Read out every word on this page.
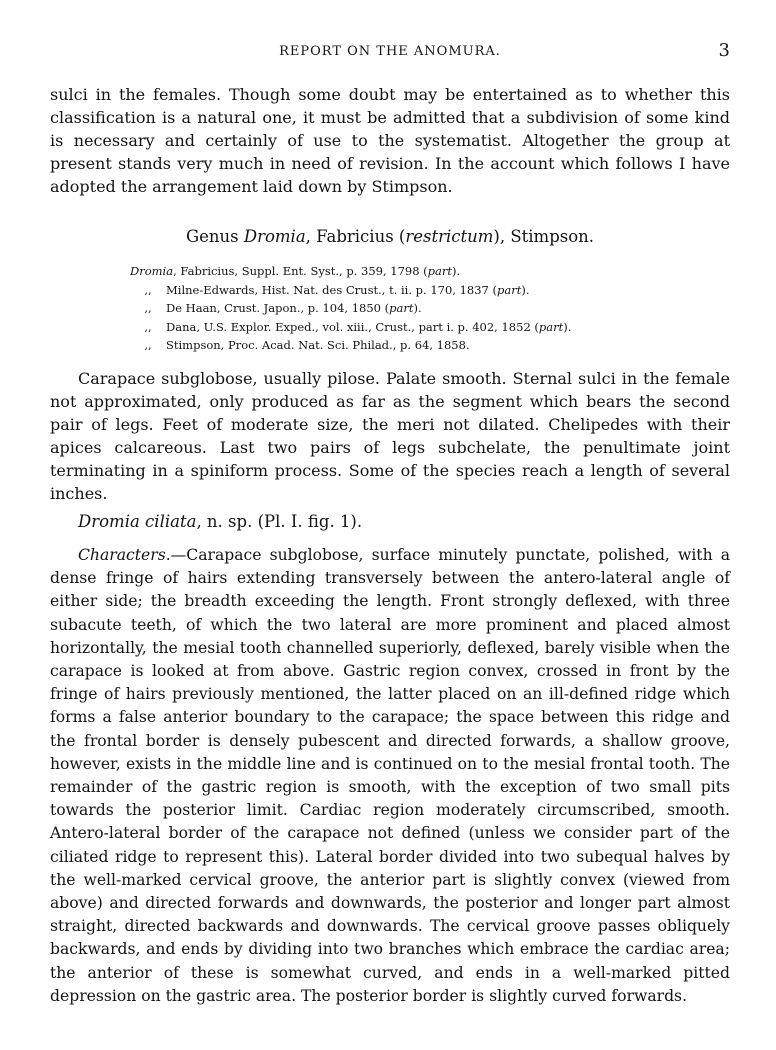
REPORT ON THE ANOMURA.	3

sulci in the females. Though some doubt may be entertained as to whether this classification is a natural one, it must be admitted that a subdivision of some kind is necessary and certainly of use to the systematist. Altogether the group at present stands very much in need of revision. In the account which follows I have adopted the arrangement laid down by Stimpson.

Genus Dromia, Fabricius (restrictum), Stimpson.
Dromia, Fabricius, Suppl. Ent. Syst., p. 359, 1798 (part).
,, Milne-Edwards, Hist. Nat. des Crust., t. ii. p. 170, 1837 (part).
,, De Haan, Crust. Japon., p. 104, 1850 (part).
,, Dana, U.S. Explor. Exped., vol. xiii., Crust., part i. p. 402, 1852 (part).
,, Stimpson, Proc. Acad. Nat. Sci. Philad., p. 64, 1858.

Carapace subglobose, usually pilose. Palate smooth. Sternal sulci in the female not approximated, only produced as far as the segment which bears the second pair of legs. Feet of moderate size, the meri not dilated. Chelipedes with their apices calcareous. Last two pairs of legs subchelate, the penultimate joint terminating in a spiniform process. Some of the species reach a length of several inches.

Dromia ciliata, n. sp. (Pl. I. fig. 1).

Characters.—Carapace subglobose, surface minutely punctate, polished, with a dense fringe of hairs extending transversely between the antero-lateral angle of either side; the breadth exceeding the length. Front strongly deflexed, with three subacute teeth, of which the two lateral are more prominent and placed almost horizontally, the mesial tooth channelled superiorly, deflexed, barely visible when the carapace is looked at from above. Gastric region convex, crossed in front by the fringe of hairs previously mentioned, the latter placed on an ill-defined ridge which forms a false anterior boundary to the carapace; the space between this ridge and the frontal border is densely pubescent and directed forwards, a shallow groove, however, exists in the middle line and is continued on to the mesial frontal tooth. The remainder of the gastric region is smooth, with the exception of two small pits towards the posterior limit. Cardiac region moderately circumscribed, smooth. Antero-lateral border of the carapace not defined (unless we consider part of the ciliated ridge to represent this). Lateral border divided into two subequal halves by the well-marked cervical groove, the anterior part is slightly convex (viewed from above) and directed forwards and downwards, the posterior and longer part almost straight, directed backwards and downwards. The cervical groove passes obliquely backwards, and ends by dividing into two branches which embrace the cardiac area; the anterior of these is somewhat curved, and ends in a well-marked pitted depression on the gastric area. The posterior border is slightly curved forwards.
